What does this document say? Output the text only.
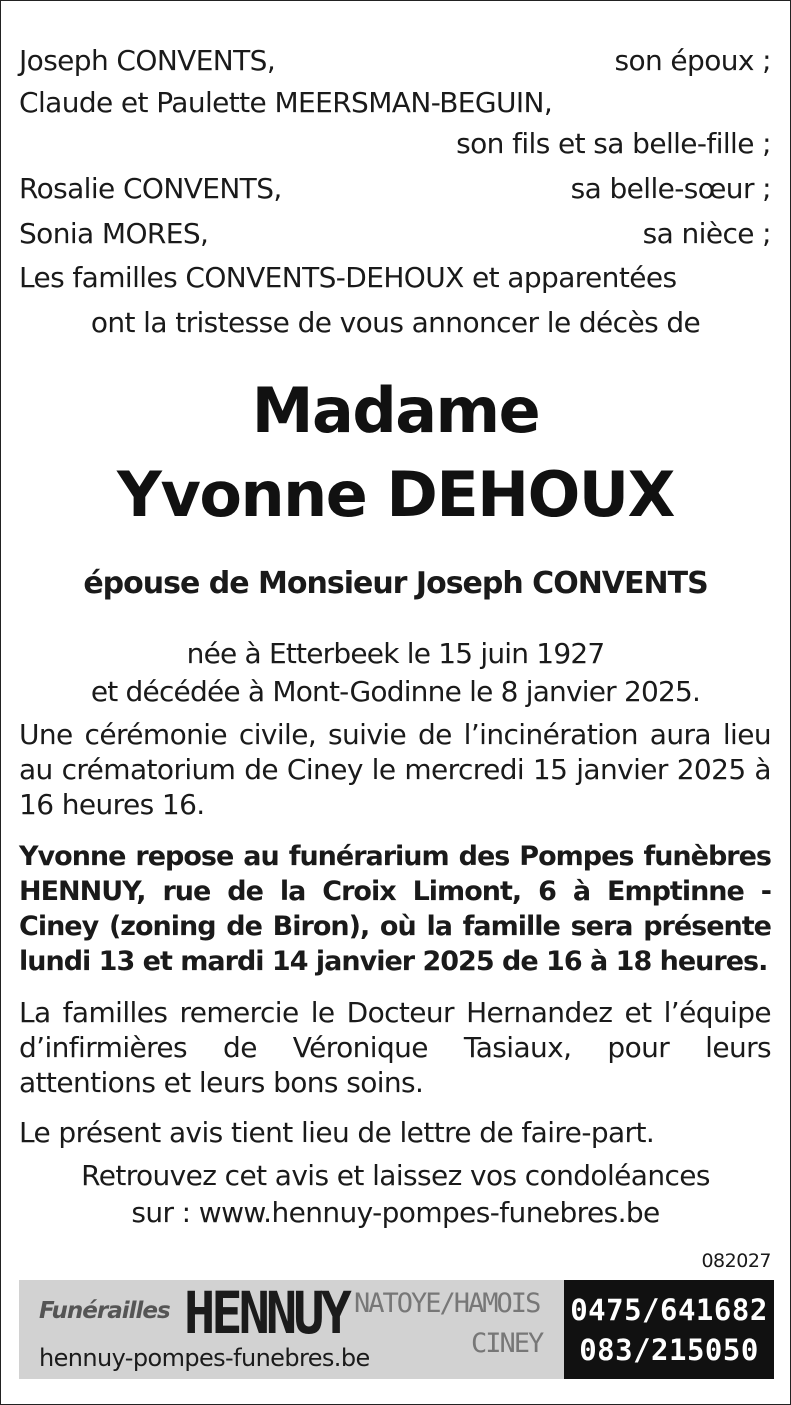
Joseph CONVENTS,	son époux ;
Claude et Paulette MEERSMAN-BEGUIN,
son fils et sa belle-fille ;
Rosalie CONVENTS,	sa belle-sœur ;
Sonia MORES,	sa nièce ;
Les familles CONVENTS-DEHOUX et apparentées
ont la tristesse de vous annoncer le décès de
Madame
Yvonne DEHOUX
épouse de Monsieur Joseph CONVENTS
née à Etterbeek le 15 juin 1927
et décédée à Mont-Godinne le 8 janvier 2025.
Une cérémonie civile, suivie de l’incinération aura lieu au crématorium de Ciney le mercredi 15 janvier 2025 à 16 heures 16.
Yvonne repose au funérarium des Pompes funèbres HENNUY, rue de la Croix Limont, 6 à Emptinne - Ciney (zoning de Biron), où la famille sera présente lundi 13 et mardi 14 janvier 2025 de 16 à 18 heures.
La familles remercie le Docteur Hernandez et l’équipe d’infirmières de Véronique Tasiaux, pour leurs attentions et leurs bons soins.
Le présent avis tient lieu de lettre de faire-part.
Retrouvez cet avis et laissez vos condoléances
sur : www.hennuy-pompes-funebres.be
082027
Funérailles HENNUY NATOYE/HAMOIS
CINEY
hennuy-pompes-funebres.be
0475/641682
083/215050
